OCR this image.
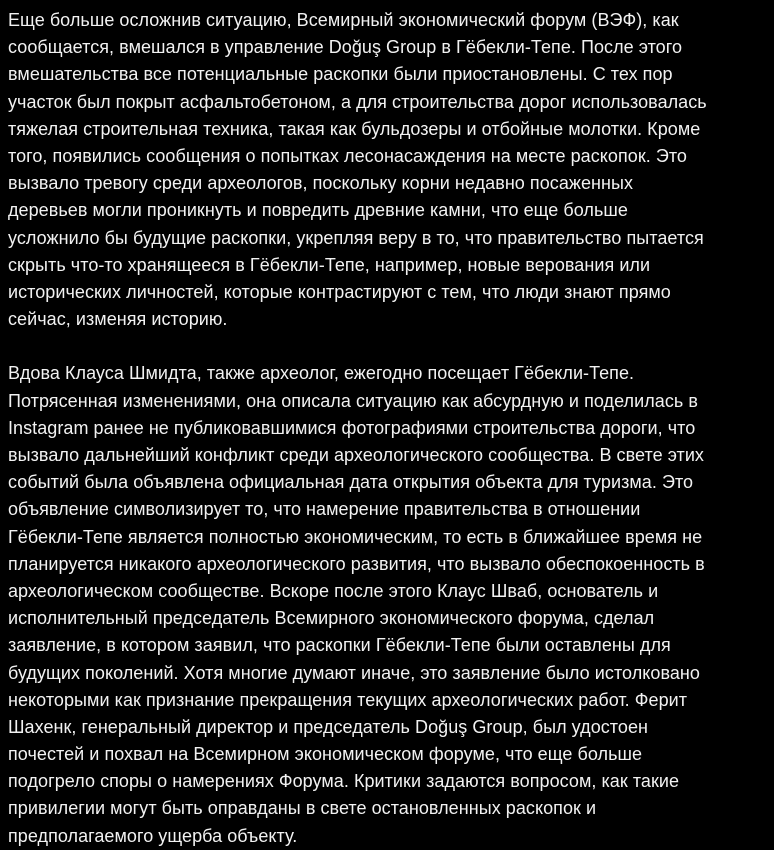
Еще больше осложнив ситуацию, Всемирный экономический форум (ВЭФ), как
сообщается, вмешался в управление Doğuş Group в Гёбекли-Тепе. После этого
вмешательства все потенциальные раскопки были приостановлены. С тех пор
участок был покрыт асфальтобетоном, а для строительства дорог использовалась
тяжелая строительная техника, такая как бульдозеры и отбойные молотки. Кроме
того, появились сообщения о попытках лесонасаждения на месте раскопок. Это
вызвало тревогу среди археологов, поскольку корни недавно посаженных
деревьев могли проникнуть и повредить древние камни, что еще больше
усложнило бы будущие раскопки, укрепляя веру в то, что правительство пытается
скрыть что-то хранящееся в Гёбекли-Тепе, например, новые верования или
исторических личностей, которые контрастируют с тем, что люди знают прямо
сейчас, изменяя историю.
Вдова Клауса Шмидта, также археолог, ежегодно посещает Гёбекли-Тепе.
Потрясенная изменениями, она описала ситуацию как абсурдную и поделилась в
Instagram ранее не публиковавшимися фотографиями строительства дороги, что
вызвало дальнейший конфликт среди археологического сообщества. В свете этих
событий была объявлена официальная дата открытия объекта для туризма. Это
объявление символизирует то, что намерение правительства в отношении
Гёбекли-Тепе является полностью экономическим, то есть в ближайшее время не
планируется никакого археологического развития, что вызвало обеспокоенность в
археологическом сообществе. Вскоре после этого Клаус Шваб, основатель и
исполнительный председатель Всемирного экономического форума, сделал
заявление, в котором заявил, что раскопки Гёбекли-Тепе были оставлены для
будущих поколений. Хотя многие думают иначе, это заявление было истолковано
некоторыми как признание прекращения текущих археологических работ. Ферит
Шахенк, генеральный директор и председатель Doğuş Group, был удостоен
почестей и похвал на Всемирном экономическом форуме, что еще больше
подогрело споры о намерениях Форума. Критики задаются вопросом, как такие
привилегии могут быть оправданы в свете остановленных раскопок и
предполагаемого ущерба объекту.
